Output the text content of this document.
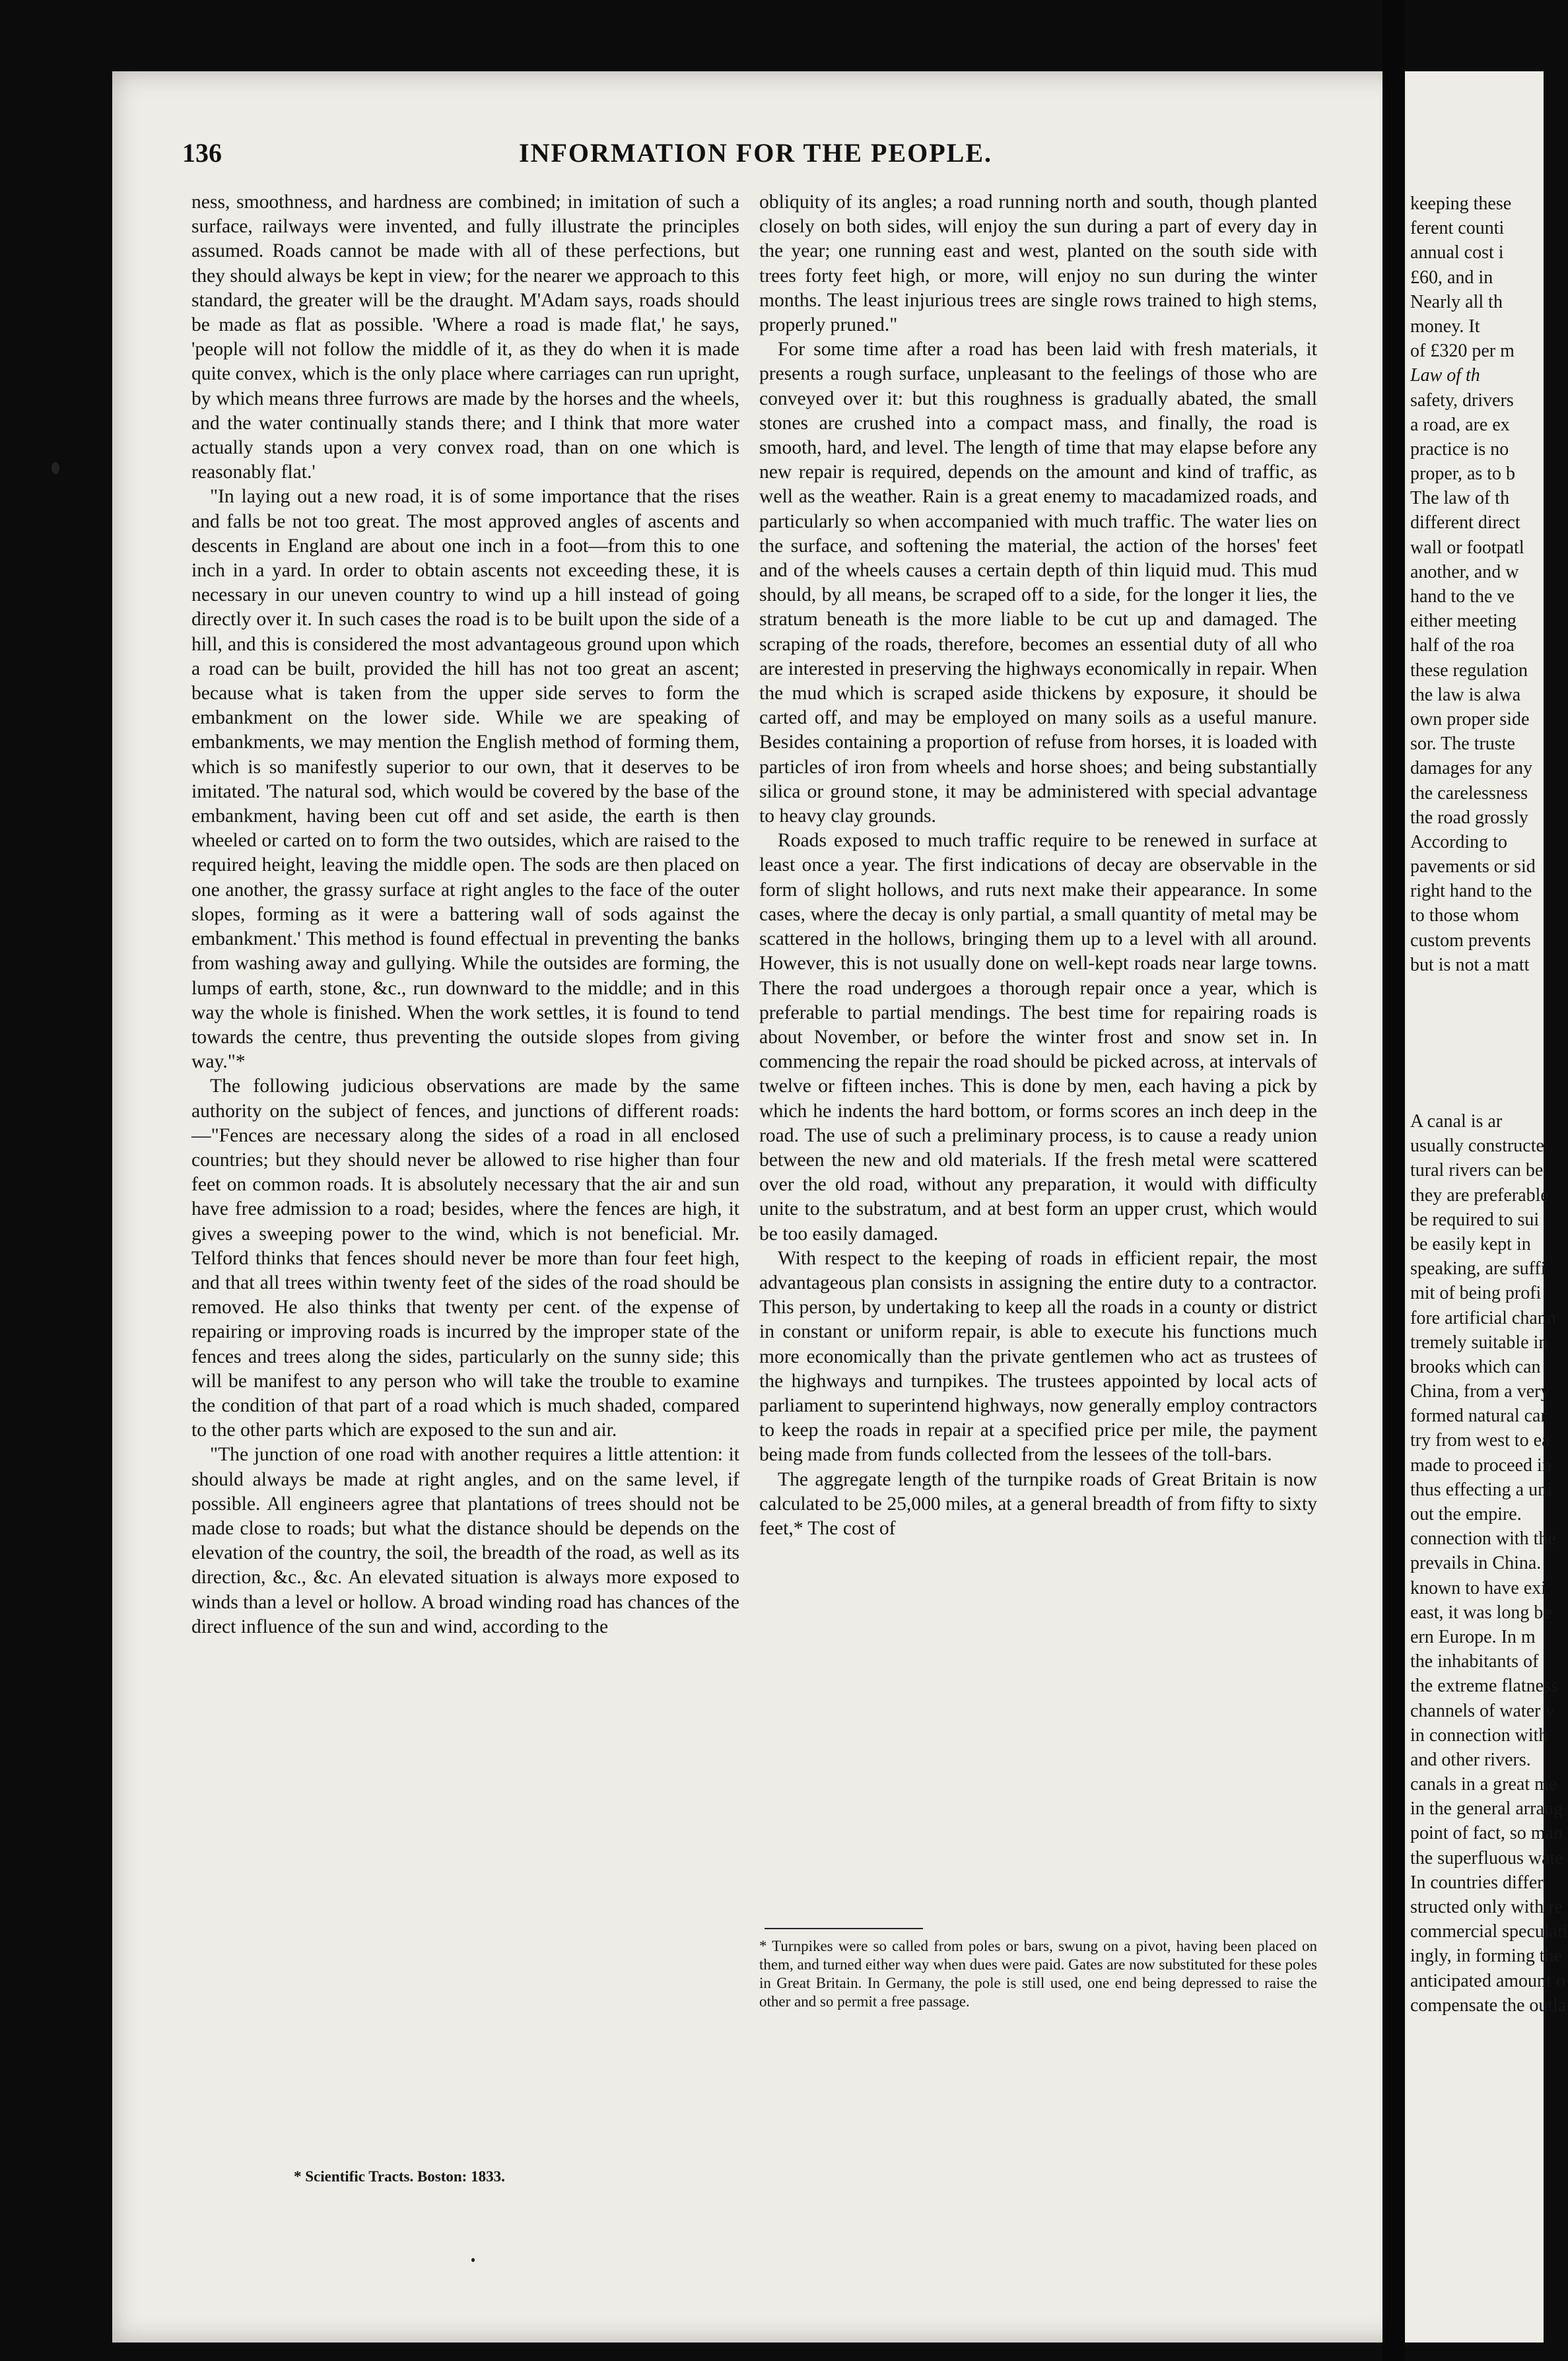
136	INFORMATION FOR THE PEOPLE.

ness, smoothness, and hardness are combined; in imitation of such a surface, railways were invented, and fully illustrate the principles assumed. Roads cannot be made with all of these perfections, but they should always be kept in view; for the nearer we approach to this standard, the greater will be the draught. M'Adam says, roads should be made as flat as possible. 'Where a road is made flat,' he says, 'people will not follow the middle of it, as they do when it is made quite convex, which is the only place where carriages can run upright, by which means three furrows are made by the horses and the wheels, and the water continually stands there; and I think that more water actually stands upon a very convex road, than on one which is reasonably flat.'

"In laying out a new road, it is of some importance that the rises and falls be not too great. The most approved angles of ascents and descents in England are about one inch in a foot—from this to one inch in a yard. In order to obtain ascents not exceeding these, it is necessary in our uneven country to wind up a hill instead of going directly over it. In such cases the road is to be built upon the side of a hill, and this is considered the most advantageous ground upon which a road can be built, provided the hill has not too great an ascent; because what is taken from the upper side serves to form the embankment on the lower side. While we are speaking of embankments, we may mention the English method of forming them, which is so manifestly superior to our own, that it deserves to be imitated. 'The natural sod, which would be covered by the base of the embankment, having been cut off and set aside, the earth is then wheeled or carted on to form the two outsides, which are raised to the required height, leaving the middle open. The sods are then placed on one another, the grassy surface at right angles to the face of the outer slopes, forming as it were a battering wall of sods against the embankment.' This method is found effectual in preventing the banks from washing away and gullying. While the outsides are forming, the lumps of earth, stone, &c., run downward to the middle; and in this way the whole is finished. When the work settles, it is found to tend towards the centre, thus preventing the outside slopes from giving way."*

The following judicious observations are made by the same authority on the subject of fences, and junctions of different roads:—"Fences are necessary along the sides of a road in all enclosed countries; but they should never be allowed to rise higher than four feet on common roads. It is absolutely necessary that the air and sun have free admission to a road; besides, where the fences are high, it gives a sweeping power to the wind, which is not beneficial. Mr. Telford thinks that fences should never be more than four feet high, and that all trees within twenty feet of the sides of the road should be removed. He also thinks that twenty per cent. of the expense of repairing or improving roads is incurred by the improper state of the fences and trees along the sides, particularly on the sunny side; this will be manifest to any person who will take the trouble to examine the condition of that part of a road which is much shaded, compared to the other parts which are exposed to the sun and air.

"The junction of one road with another requires a little attention: it should always be made at right angles, and on the same level, if possible. All engineers agree that plantations of trees should not be made close to roads; but what the distance should be depends on the elevation of the country, the soil, the breadth of the road, as well as its direction, &c., &c. An elevated situation is always more exposed to winds than a level or hollow. A broad winding road has chances of the direct influence of the sun and wind, according to the

obliquity of its angles; a road running north and south, though planted closely on both sides, will enjoy the sun during a part of every day in the year; one running east and west, planted on the south side with trees forty feet high, or more, will enjoy no sun during the winter months. The least injurious trees are single rows trained to high stems, properly pruned."

For some time after a road has been laid with fresh materials, it presents a rough surface, unpleasant to the feelings of those who are conveyed over it: but this roughness is gradually abated, the small stones are crushed into a compact mass, and finally, the road is smooth, hard, and level. The length of time that may elapse before any new repair is required, depends on the amount and kind of traffic, as well as the weather. Rain is a great enemy to macadamized roads, and particularly so when accompanied with much traffic. The water lies on the surface, and softening the material, the action of the horses' feet and of the wheels causes a certain depth of thin liquid mud. This mud should, by all means, be scraped off to a side, for the longer it lies, the stratum beneath is the more liable to be cut up and damaged. The scraping of the roads, therefore, becomes an essential duty of all who are interested in preserving the highways economically in repair. When the mud which is scraped aside thickens by exposure, it should be carted off, and may be employed on many soils as a useful manure. Besides containing a proportion of refuse from horses, it is loaded with particles of iron from wheels and horse shoes; and being substantially silica or ground stone, it may be administered with special advantage to heavy clay grounds.

Roads exposed to much traffic require to be renewed in surface at least once a year. The first indications of decay are observable in the form of slight hollows, and ruts next make their appearance. In some cases, where the decay is only partial, a small quantity of metal may be scattered in the hollows, bringing them up to a level with all around. However, this is not usually done on well-kept roads near large towns. There the road undergoes a thorough repair once a year, which is preferable to partial mendings. The best time for repairing roads is about November, or before the winter frost and snow set in. In commencing the repair the road should be picked across, at intervals of twelve or fifteen inches. This is done by men, each having a pick by which he indents the hard bottom, or forms scores an inch deep in the road. The use of such a preliminary process, is to cause a ready union between the new and old materials. If the fresh metal were scattered over the old road, without any preparation, it would with difficulty unite to the substratum, and at best form an upper crust, which would be too easily damaged.

With respect to the keeping of roads in efficient repair, the most advantageous plan consists in assigning the entire duty to a contractor. This person, by undertaking to keep all the roads in a county or district in constant or uniform repair, is able to execute his functions much more economically than the private gentlemen who act as trustees of the highways and turnpikes. The trustees appointed by local acts of parliament to superintend highways, now generally employ contractors to keep the roads in repair at a specified price per mile, the payment being made from funds collected from the lessees of the toll-bars.

The aggregate length of the turnpike roads of Great Britain is now calculated to be 25,000 miles, at a general breadth of from fifty to sixty feet,* The cost of

* Turnpikes were so called from poles or bars, swung on a pivot, having been placed on them, and turned either way when dues were paid. Gates are now substituted for these poles in Great Britain. In Germany, the pole is still used, one end being depressed to raise the other and so permit a free passage.
* Scientific Tracts. Boston: 1833.
keeping these
ferent counti
annual cost i
£60, and in
Nearly all th
money. It
of £320 per m
Law of th
safety, drivers
a road, are ex
practice is no
proper, as to b
The law of th
different direct
wall or footpatl
another, and w
hand to the ve
either meeting
half of the roa
these regulation
the law is alwa
own proper side
sor. The truste
damages for any
the carelessness
the road grossly
According to
pavements or sid
right hand to the
to those whom
custom prevents
but is not a matt
A canal is ar
usually constructe
tural rivers can be
they are preferable
be required to sui
be easily kept in
speaking, are suffi
mit of being profi
fore artificial chann
tremely suitable in
brooks which can
China, from a very
formed natural car
try from west to ea
made to proceed in
thus effecting a uni
out the empire.
connection with the
prevails in China.
known to have exi
east, it was long be
ern Europe. In m
the inhabitants of
the extreme flatness
channels of water v
in connection with
and other rivers.
canals in a great me
in the general arrang
point of fact, so man
the superfluous wate
In countries differ
structed only with re
commercial speculati
ingly, in forming the
anticipated amount o
compensate the outla
